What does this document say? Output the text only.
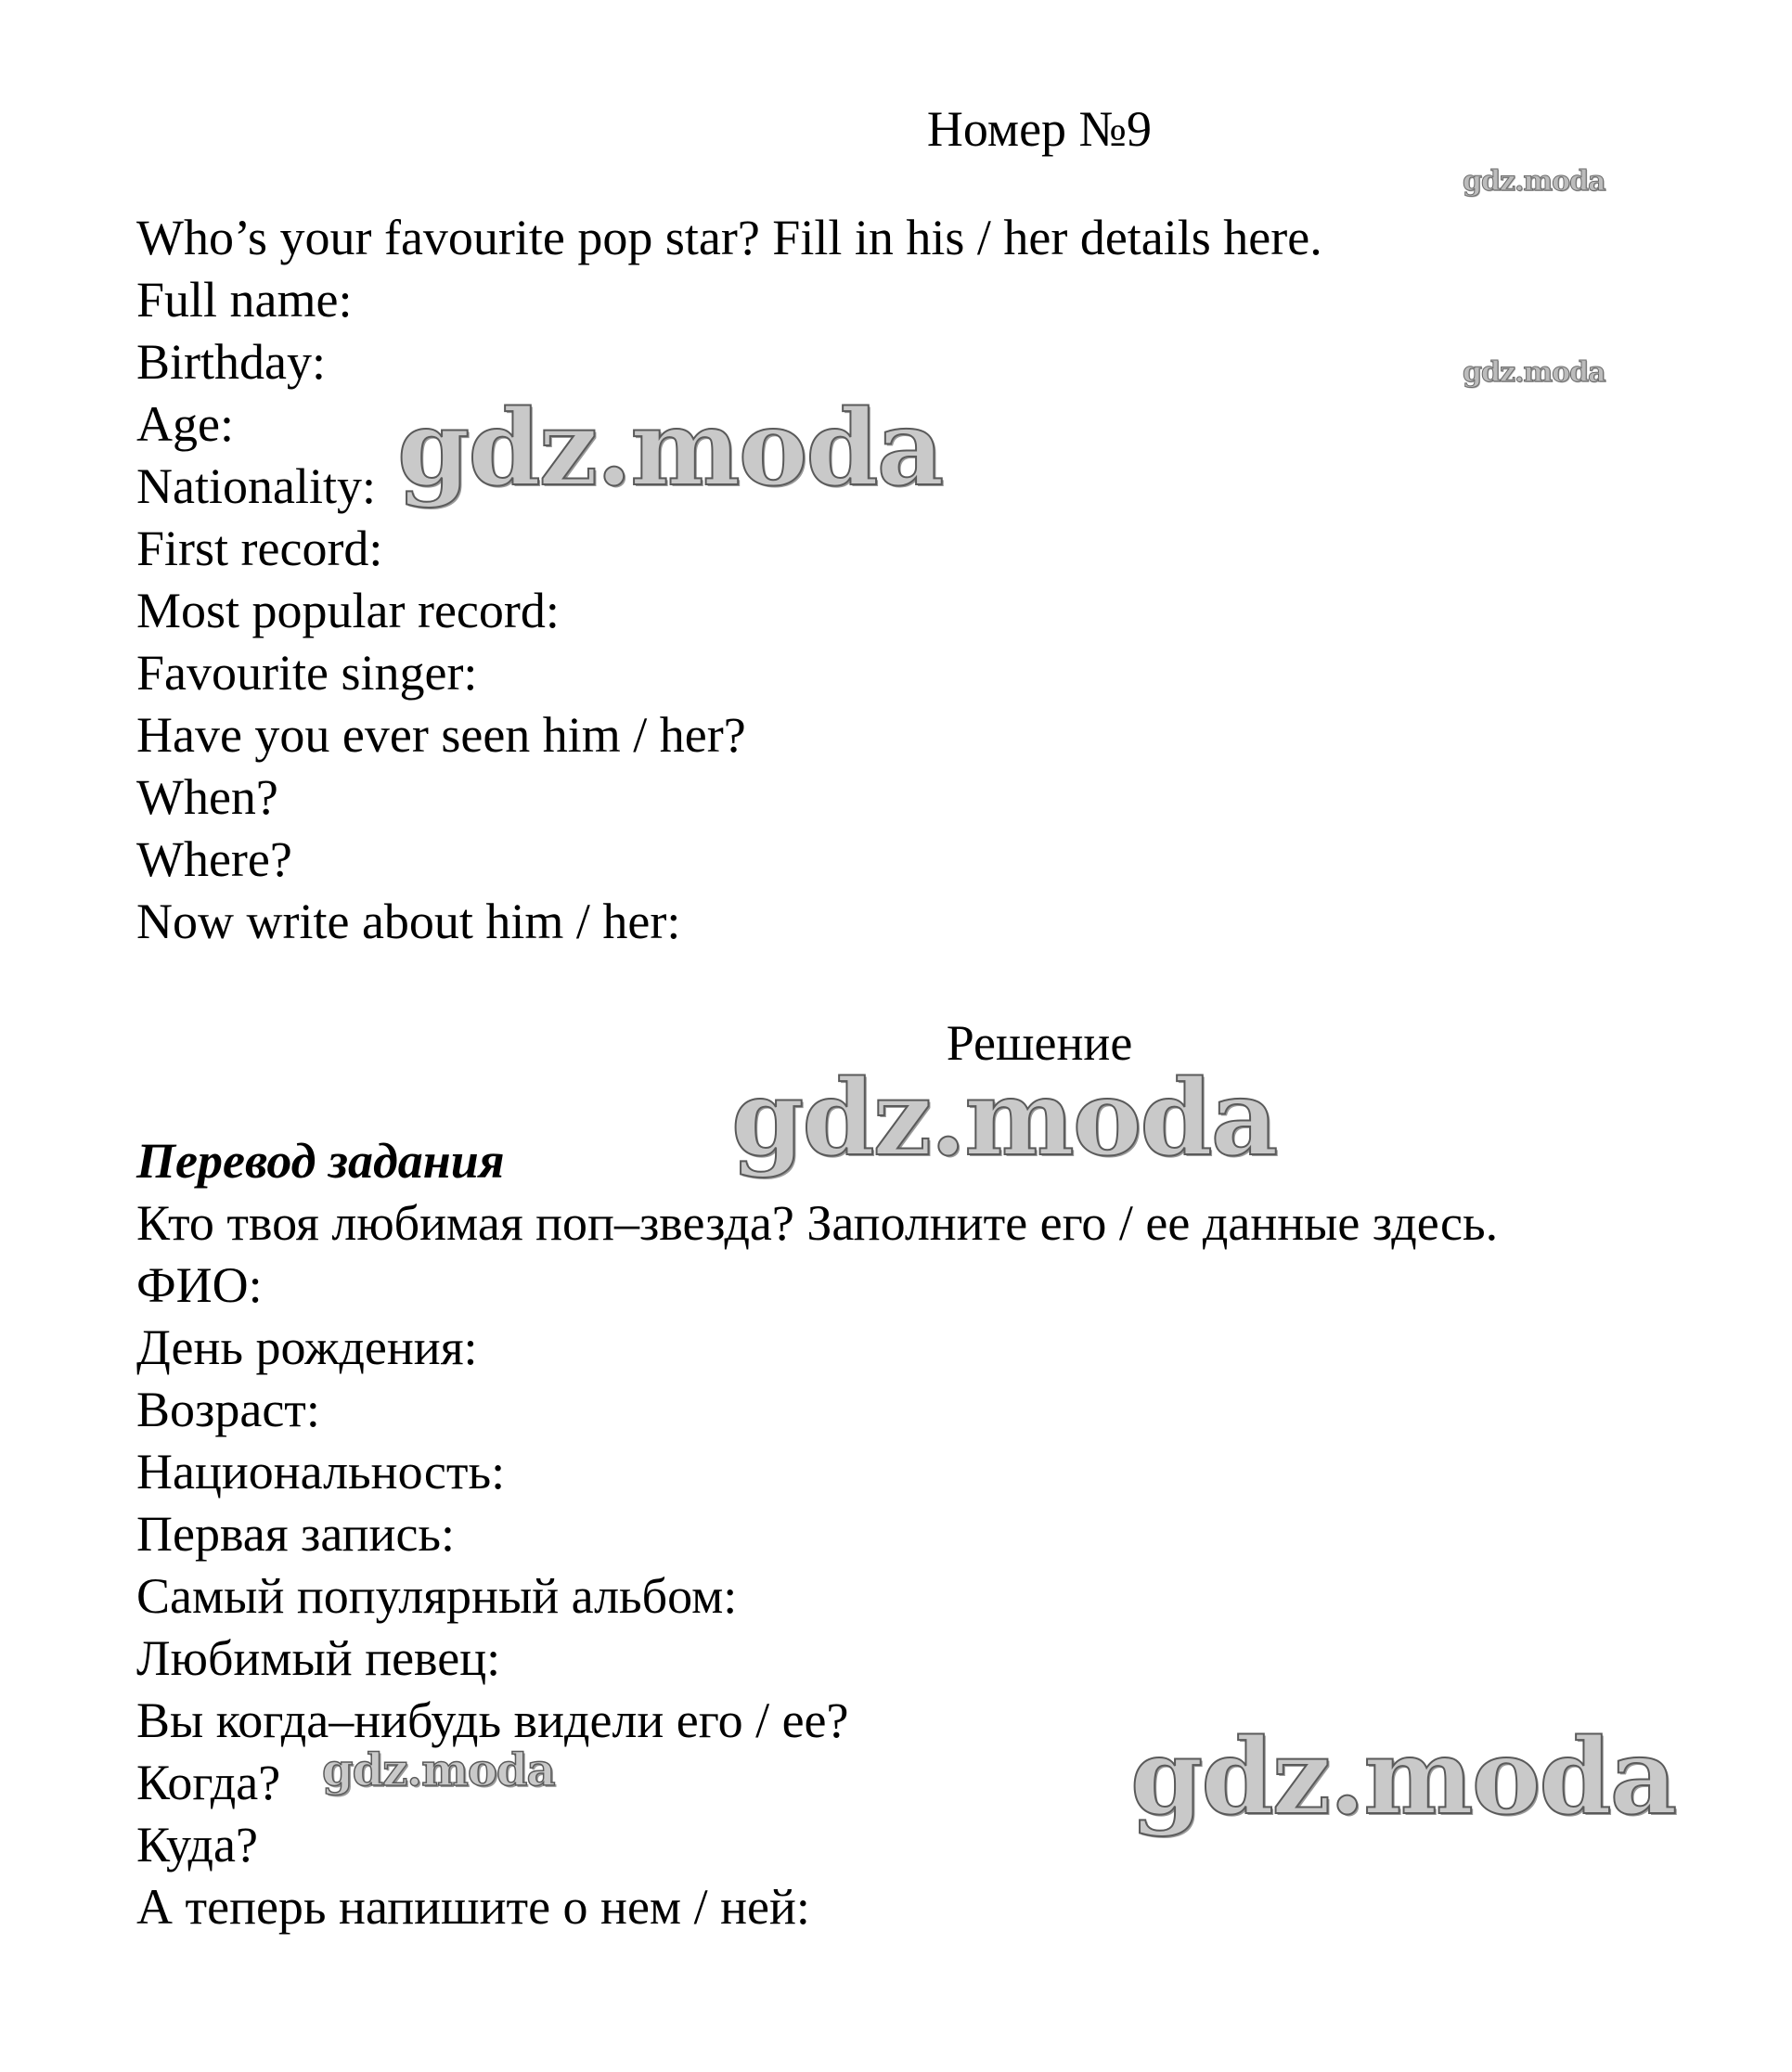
Номер №9
Who’s your favourite pop star? Fill in his / her details here.
Full name:
Birthday:
Age:
Nationality:
First record:
Most popular record:
Favourite singer:
Have you ever seen him / her?
When?
Where?
Now write about him / her:
Решение
Перевод задания
Кто твоя любимая поп–звезда? Заполните его / ее данные здесь.
ФИО:
День рождения:
Возраст:
Национальность:
Первая запись:
Самый популярный альбом:
Любимый певец:
Вы когда–нибудь видели его / ее?
Когда?
Куда?
А теперь напишите о нем / ней:
gdz.moda
gdz.moda
gdz.moda
gdz.moda
gdz.moda	gdz.moda
